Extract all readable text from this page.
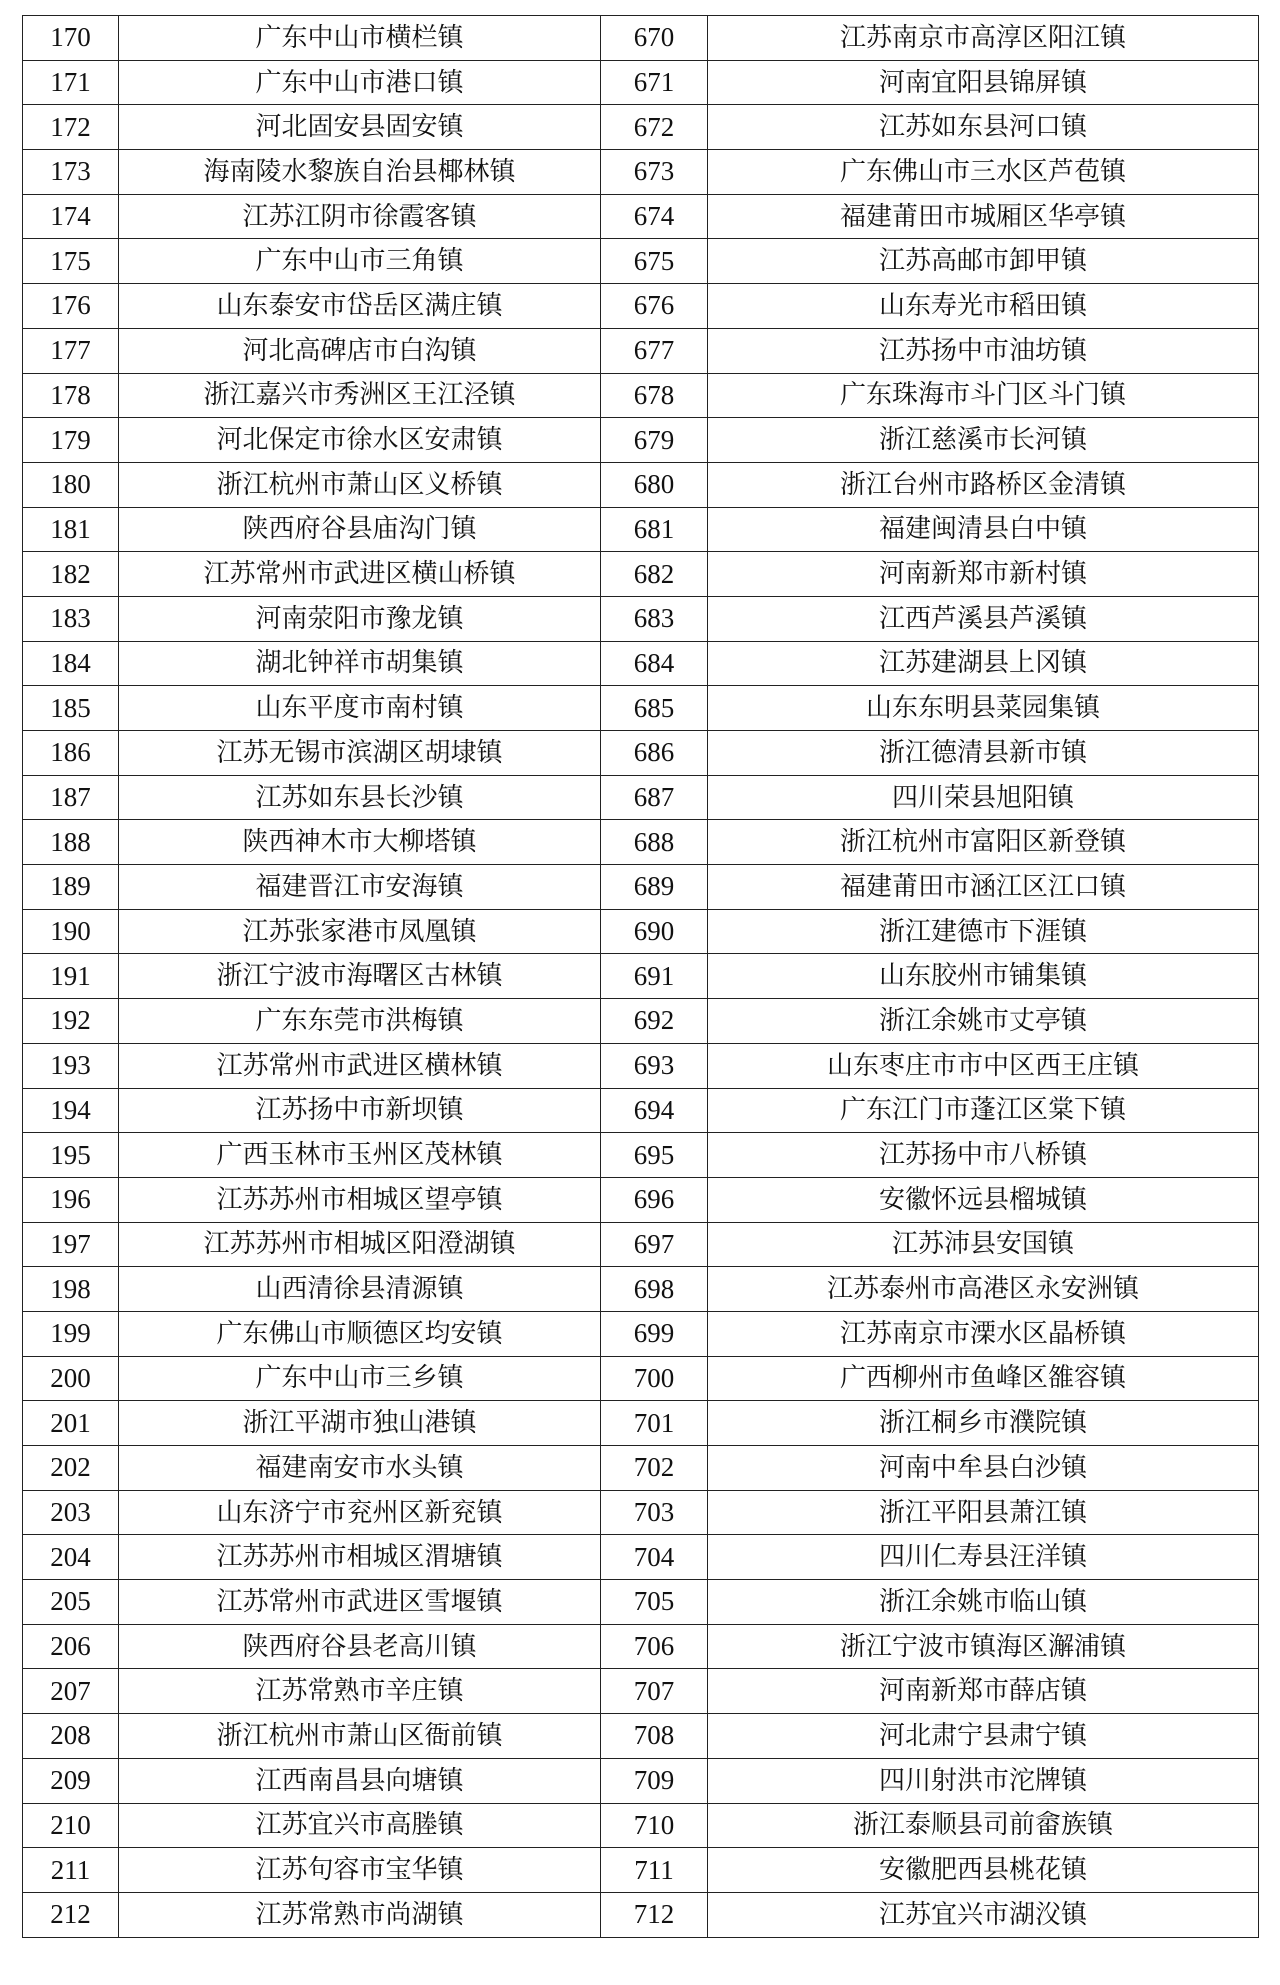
170	广东中山市横栏镇	670	江苏南京市高淳区阳江镇
171	广东中山市港口镇	671	河南宜阳县锦屏镇
172	河北固安县固安镇	672	江苏如东县河口镇
173	海南陵水黎族自治县椰林镇	673	广东佛山市三水区芦苞镇
174	江苏江阴市徐霞客镇	674	福建莆田市城厢区华亭镇
175	广东中山市三角镇	675	江苏高邮市卸甲镇
176	山东泰安市岱岳区满庄镇	676	山东寿光市稻田镇
177	河北高碑店市白沟镇	677	江苏扬中市油坊镇
178	浙江嘉兴市秀洲区王江泾镇	678	广东珠海市斗门区斗门镇
179	河北保定市徐水区安肃镇	679	浙江慈溪市长河镇
180	浙江杭州市萧山区义桥镇	680	浙江台州市路桥区金清镇
181	陕西府谷县庙沟门镇	681	福建闽清县白中镇
182	江苏常州市武进区横山桥镇	682	河南新郑市新村镇
183	河南荥阳市豫龙镇	683	江西芦溪县芦溪镇
184	湖北钟祥市胡集镇	684	江苏建湖县上冈镇
185	山东平度市南村镇	685	山东东明县菜园集镇
186	江苏无锡市滨湖区胡埭镇	686	浙江德清县新市镇
187	江苏如东县长沙镇	687	四川荣县旭阳镇
188	陕西神木市大柳塔镇	688	浙江杭州市富阳区新登镇
189	福建晋江市安海镇	689	福建莆田市涵江区江口镇
190	江苏张家港市凤凰镇	690	浙江建德市下涯镇
191	浙江宁波市海曙区古林镇	691	山东胶州市铺集镇
192	广东东莞市洪梅镇	692	浙江余姚市丈亭镇
193	江苏常州市武进区横林镇	693	山东枣庄市市中区西王庄镇
194	江苏扬中市新坝镇	694	广东江门市蓬江区棠下镇
195	广西玉林市玉州区茂林镇	695	江苏扬中市八桥镇
196	江苏苏州市相城区望亭镇	696	安徽怀远县榴城镇
197	江苏苏州市相城区阳澄湖镇	697	江苏沛县安国镇
198	山西清徐县清源镇	698	江苏泰州市高港区永安洲镇
199	广东佛山市顺德区均安镇	699	江苏南京市溧水区晶桥镇
200	广东中山市三乡镇	700	广西柳州市鱼峰区雒容镇
201	浙江平湖市独山港镇	701	浙江桐乡市濮院镇
202	福建南安市水头镇	702	河南中牟县白沙镇
203	山东济宁市兖州区新兖镇	703	浙江平阳县萧江镇
204	江苏苏州市相城区渭塘镇	704	四川仁寿县汪洋镇
205	江苏常州市武进区雪堰镇	705	浙江余姚市临山镇
206	陕西府谷县老高川镇	706	浙江宁波市镇海区澥浦镇
207	江苏常熟市辛庄镇	707	河南新郑市薛店镇
208	浙江杭州市萧山区衙前镇	708	河北肃宁县肃宁镇
209	江西南昌县向塘镇	709	四川射洪市沱牌镇
210	江苏宜兴市高塍镇	710	浙江泰顺县司前畲族镇
211	江苏句容市宝华镇	711	安徽肥西县桃花镇
212	江苏常熟市尚湖镇	712	江苏宜兴市湖㳇镇
